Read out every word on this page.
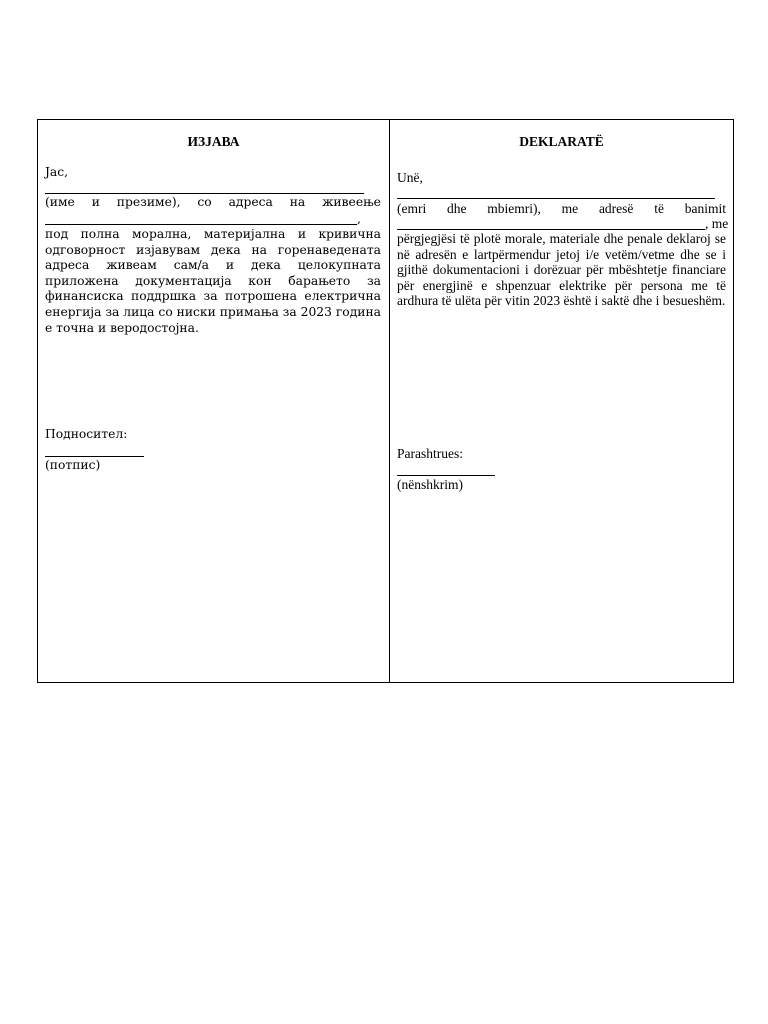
ИЗЈАВА
Јас,
(име и презиме), со адреса на живеење
,
под полна морална, материјална и кривична одговорност изјавувам дека на горенаведената адреса живеам сам/а и дека целокупната приложена документација кон барањето за финансиска поддршка за потрошена електрична енергија за лица со ниски примања за 2023 година е точна и веродостојна.
Подносител:
(потпис)
DEKLARATË
Unë,
(emri dhe mbiemri), me adresë të banimit
, me
përgjegjësi të plotë morale, materiale dhe penale deklaroj se në adresën e lartpërmendur jetoj i/e vetëm/vetme dhe se i gjithë dokumentacioni i dorëzuar për mbështetje financiare për energjinë e shpenzuar elektrike për persona me të ardhura të ulëta për vitin 2023 është i saktë dhe i besueshëm.
Parashtrues:
(nënshkrim)
